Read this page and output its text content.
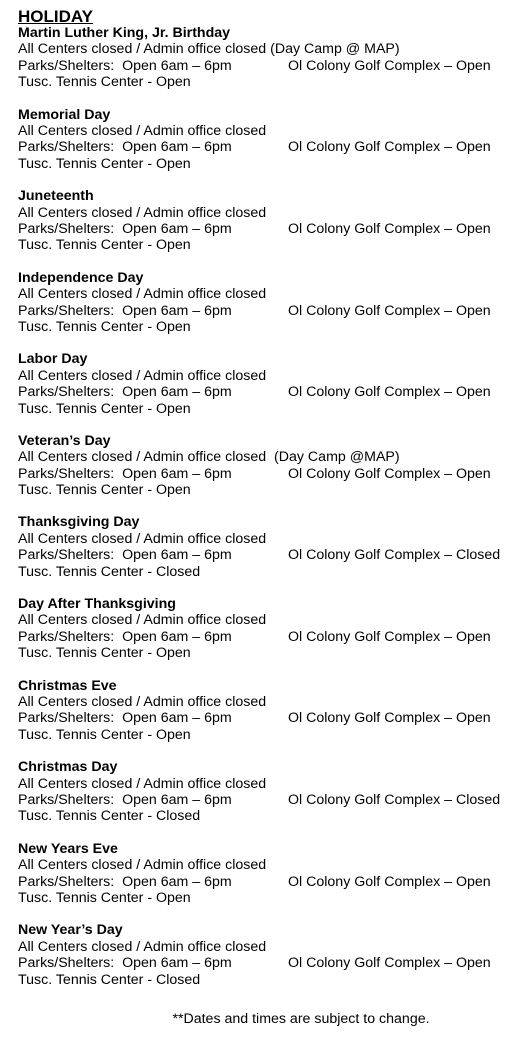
HOLIDAY
Martin Luther King, Jr. Birthday
All Centers closed / Admin office closed (Day Camp @ MAP)
Parks/Shelters:  Open 6am – 6pm	Ol Colony Golf Complex – Open
Tusc. Tennis Center - Open
Memorial Day
All Centers closed / Admin office closed
Parks/Shelters:  Open 6am – 6pm	Ol Colony Golf Complex – Open
Tusc. Tennis Center - Open
Juneteenth
All Centers closed / Admin office closed
Parks/Shelters:  Open 6am – 6pm	Ol Colony Golf Complex – Open
Tusc. Tennis Center - Open
Independence Day
All Centers closed / Admin office closed
Parks/Shelters:  Open 6am – 6pm	Ol Colony Golf Complex – Open
Tusc. Tennis Center - Open
Labor Day
All Centers closed / Admin office closed
Parks/Shelters:  Open 6am – 6pm	Ol Colony Golf Complex – Open
Tusc. Tennis Center - Open
Veteran’s Day
All Centers closed / Admin office closed  (Day Camp @MAP)
Parks/Shelters:  Open 6am – 6pm	Ol Colony Golf Complex – Open
Tusc. Tennis Center - Open
Thanksgiving Day
All Centers closed / Admin office closed
Parks/Shelters:  Open 6am – 6pm	Ol Colony Golf Complex – Closed
Tusc. Tennis Center - Closed
Day After Thanksgiving
All Centers closed / Admin office closed
Parks/Shelters:  Open 6am – 6pm	Ol Colony Golf Complex – Open
Tusc. Tennis Center - Open
Christmas Eve
All Centers closed / Admin office closed
Parks/Shelters:  Open 6am – 6pm	Ol Colony Golf Complex – Open
Tusc. Tennis Center - Open
Christmas Day
All Centers closed / Admin office closed
Parks/Shelters:  Open 6am – 6pm	Ol Colony Golf Complex – Closed
Tusc. Tennis Center - Closed
New Years Eve
All Centers closed / Admin office closed
Parks/Shelters:  Open 6am – 6pm	Ol Colony Golf Complex – Open
Tusc. Tennis Center - Open
New Year’s Day
All Centers closed / Admin office closed
Parks/Shelters:  Open 6am – 6pm	Ol Colony Golf Complex – Open
Tusc. Tennis Center - Closed
**Dates and times are subject to change.
